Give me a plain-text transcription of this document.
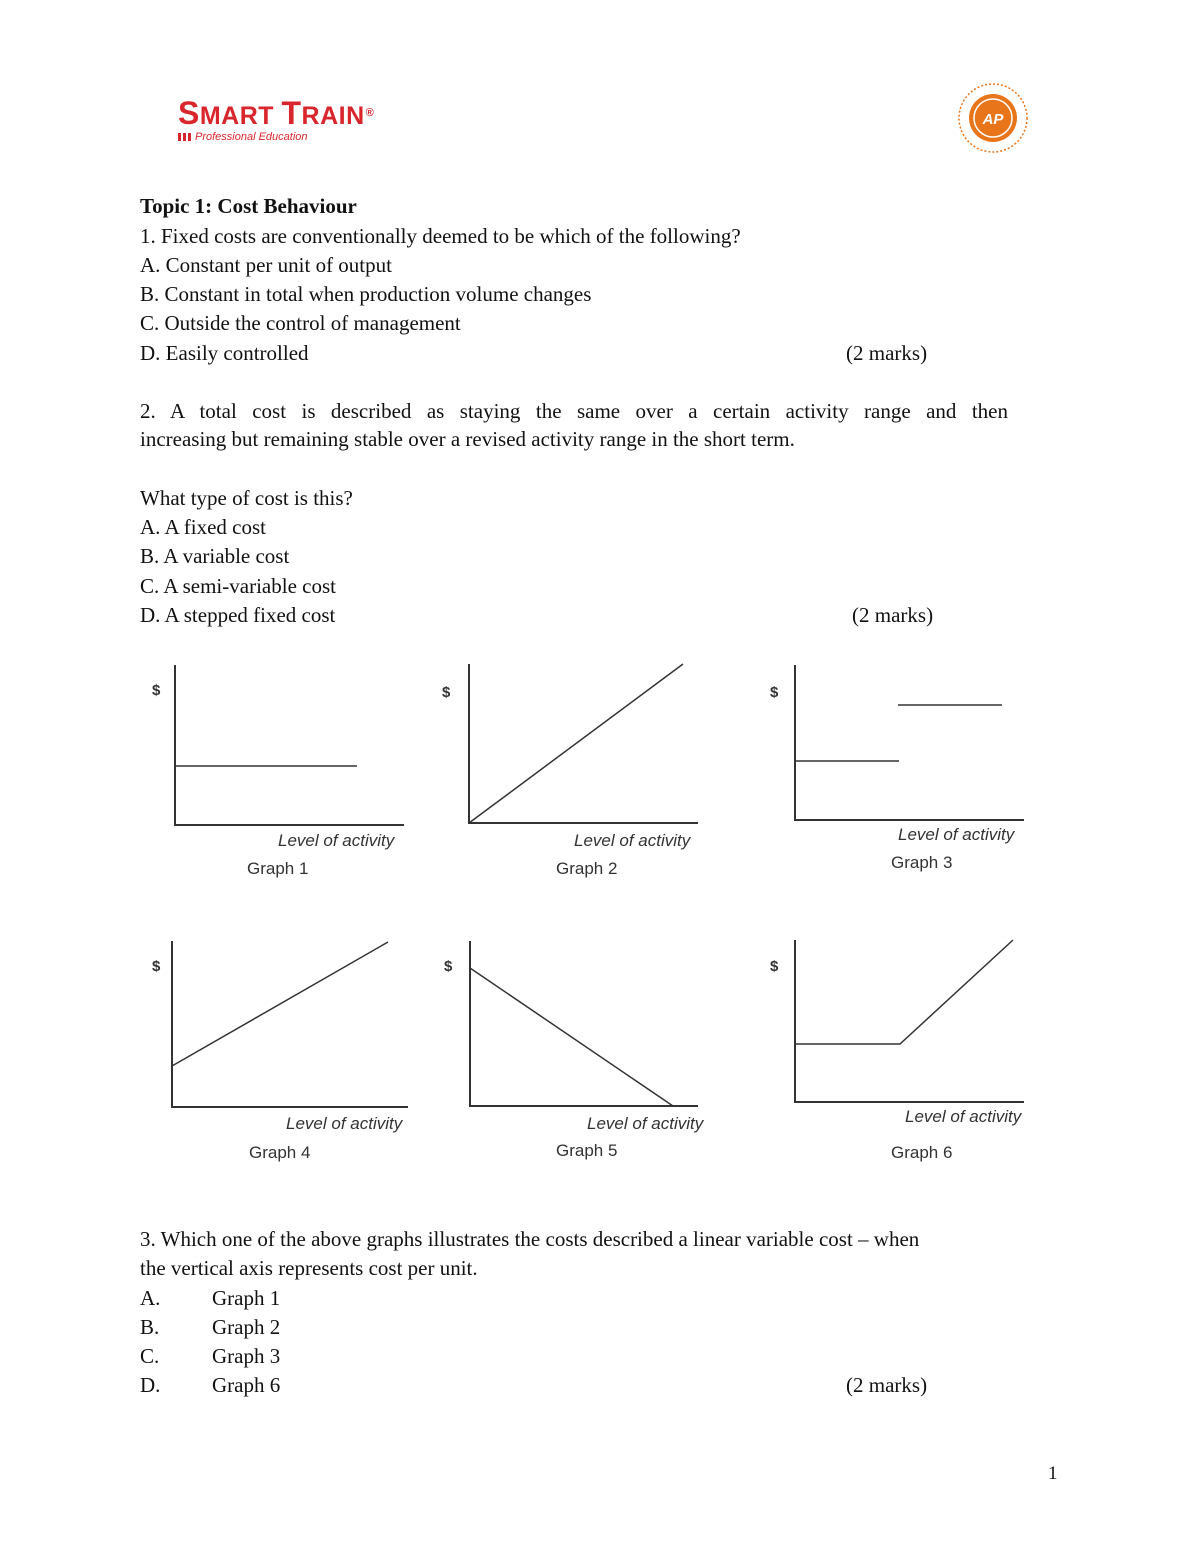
SMART TRAIN®
Professional Education
AP
Topic 1: Cost Behaviour
1. Fixed costs are conventionally deemed to be which of the following?
A. Constant per unit of output
B. Constant in total when production volume changes
C. Outside the control of management
D. Easily controlled	(2 marks)
2. A total cost is described as staying the same over a certain activity range and then
increasing but remaining stable over a revised activity range in the short term.
What type of cost is this?
A. A fixed cost
B. A variable cost
C. A semi-variable cost
D. A stepped fixed cost	(2 marks)
$
Level of activity
Graph 1
$
Level of activity
Graph 2
$
Level of activity
Graph 3
$
Level of activity
Graph 4
$
Level of activity
Graph 5
$
Level of activity
Graph 6
3. Which one of the above graphs illustrates the costs described a linear variable cost – when
the vertical axis represents cost per unit.
A. Graph 1
B.	Graph 2
C.	Graph 3
D. Graph 6	(2 marks)
1
